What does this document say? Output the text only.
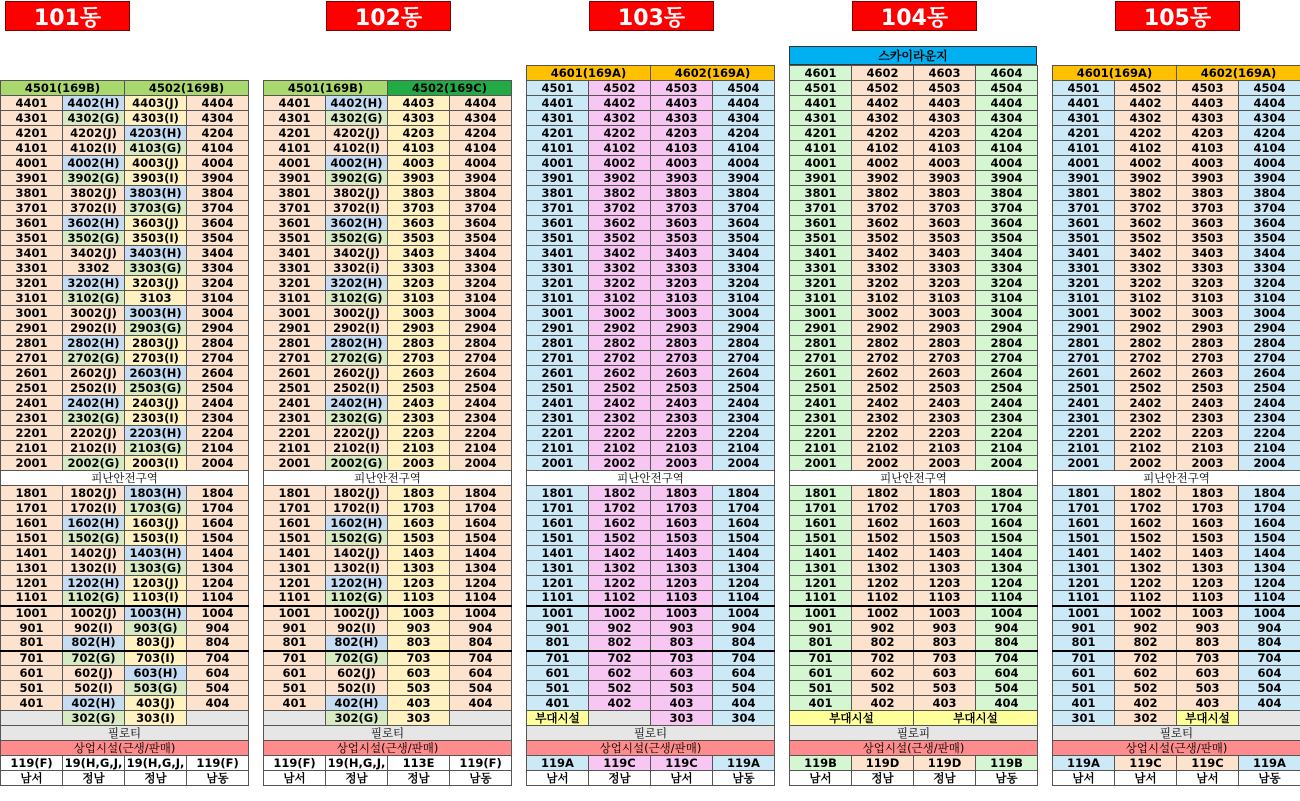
101동
4501(169B)		4502(169B)	
4401	4402(H)	4403(J)	4404
4301	4302(G)	4303(I)	4304
4201	4202(J)	4203(H)	4204
4101	4102(I)	4103(G)	4104
4001	4002(H)	4003(J)	4004
3901	3902(G)	3903(I)	3904
3801	3802(J)	3803(H)	3804
3701	3702(I)	3703(G)	3704
3601	3602(H)	3603(J)	3604
3501	3502(G)	3503(I)	3504
3401	3402(J)	3403(H)	3404
3301	3302	3303(G)	3304
3201	3202(H)	3203(J)	3204
3101	3102(G)	3103	3104
3001	3002(J)	3003(H)	3004
2901	2902(I)	2903(G)	2904
2801	2802(H)	2803(J)	2804
2701	2702(G)	2703(I)	2704
2601	2602(J)	2603(H)	2604
2501	2502(I)	2503(G)	2504
2401	2402(H)	2403(J)	2404
2301	2302(G)	2303(I)	2304
2201	2202(J)	2203(H)	2204
2101	2102(I)	2103(G)	2104
2001	2002(G)	2003(I)	2004
피난안전구역			
1801	1802(J)	1803(H)	1804
1701	1702(I)	1703(G)	1704
1601	1602(H)	1603(J)	1604
1501	1502(G)	1503(I)	1504
1401	1402(J)	1403(H)	1404
1301	1302(I)	1303(G)	1304
1201	1202(H)	1203(J)	1204
1101	1102(G)	1103(I)	1104
1001	1002(J)	1003(H)	1004
901	902(I)	903(G)	904
801	802(H)	803(J)	804
701	702(G)	703(I)	704
601	602(J)	603(H)	604
501	502(I)	503(G)	504
401	402(H)	403(J)	404
	302(G)	303(I)	
필로티			
상업시설(근생/판매)			
119(F)	19(H,G,J,	19(H,G,J,	119(F)
남서	정남	정남	남동
102동
4501(169B)		4502(169C)	
4401	4402(H)	4403	4404
4301	4302(G)	4303	4304
4201	4202(J)	4203	4204
4101	4102(I)	4103	4104
4001	4002(H)	4003	4004
3901	3902(G)	3903	3904
3801	3802(J)	3803	3804
3701	3702(I)	3703	3704
3601	3602(H)	3603	3604
3501	3502(G)	3503	3504
3401	3402(J)	3403	3404
3301	3302(i)	3303	3304
3201	3202(H)	3203	3204
3101	3102(G)	3103	3104
3001	3002(J)	3003	3004
2901	2902(I)	2903	2904
2801	2802(H)	2803	2804
2701	2702(G)	2703	2704
2601	2602(J)	2603	2604
2501	2502(I)	2503	2504
2401	2402(H)	2403	2404
2301	2302(G)	2303	2304
2201	2202(J)	2203	2204
2101	2102(I)	2103	2104
2001	2002(G)	2003	2004
피난안전구역			
1801	1802(J)	1803	1804
1701	1702(I)	1703	1704
1601	1602(H)	1603	1604
1501	1502(G)	1503	1504
1401	1402(J)	1403	1404
1301	1302(I)	1303	1304
1201	1202(H)	1203	1204
1101	1102(G)	1103	1104
1001	1002(J)	1003	1004
901	902(I)	903	904
801	802(H)	803	804
701	702(G)	703	704
601	602(J)	603	604
501	502(I)	503	504
401	402(H)	403	404
	302(G)	303	
필로티			
상업시설(근생/판매)			
119(F)	19(H,G,J,	113E	119(F)
남서	정남	정남	남동
103동
4601(169A)		4602(169A)	
4501	4502	4503	4504
4401	4402	4403	4404
4301	4302	4303	4304
4201	4202	4203	4204
4101	4102	4103	4104
4001	4002	4003	4004
3901	3902	3903	3904
3801	3802	3803	3804
3701	3702	3703	3704
3601	3602	3603	3604
3501	3502	3503	3504
3401	3402	3403	3404
3301	3302	3303	3304
3201	3202	3203	3204
3101	3102	3103	3104
3001	3002	3003	3004
2901	2902	2903	2904
2801	2802	2803	2804
2701	2702	2703	2704
2601	2602	2603	2604
2501	2502	2503	2504
2401	2402	2403	2404
2301	2302	2303	2304
2201	2202	2203	2204
2101	2102	2103	2104
2001	2002	2003	2004
피난안전구역			
1801	1802	1803	1804
1701	1702	1703	1704
1601	1602	1603	1604
1501	1502	1503	1504
1401	1402	1403	1404
1301	1302	1303	1304
1201	1202	1203	1204
1101	1102	1103	1104
1001	1002	1003	1004
901	902	903	904
801	802	803	804
701	702	703	704
601	602	603	604
501	502	503	504
401	402	403	404
부대시설		303	304
필로티			
상업시설(근생/판매)			
119A	119C	119C	119A
남서	정남	남서	남동
104동
스카이라운지
4601	4602	4603	4604
4501	4502	4503	4504
4401	4402	4403	4404
4301	4302	4303	4304
4201	4202	4203	4204
4101	4102	4103	4104
4001	4002	4003	4004
3901	3902	3903	3904
3801	3802	3803	3804
3701	3702	3703	3704
3601	3602	3603	3604
3501	3502	3503	3504
3401	3402	3403	3404
3301	3302	3303	3304
3201	3202	3203	3204
3101	3102	3103	3104
3001	3002	3003	3004
2901	2902	2903	2904
2801	2802	2803	2804
2701	2702	2703	2704
2601	2602	2603	2604
2501	2502	2503	2504
2401	2402	2403	2404
2301	2302	2303	2304
2201	2202	2203	2204
2101	2102	2103	2104
2001	2002	2003	2004
피난안전구역			
1801	1802	1803	1804
1701	1702	1703	1704
1601	1602	1603	1604
1501	1502	1503	1504
1401	1402	1403	1404
1301	1302	1303	1304
1201	1202	1203	1204
1101	1102	1103	1104
1001	1002	1003	1004
901	902	903	904
801	802	803	804
701	702	703	704
601	602	603	604
501	502	503	504
401	402	403	404
부대시설		부대시설	
필로피			
상업시설(근생/판매)			
119B	119D	119D	119B
남서	정남	정남	남동
105동
4601(169A)		4602(169A)	
4501	4502	4503	4504
4401	4402	4403	4404
4301	4302	4303	4304
4201	4202	4203	4204
4101	4102	4103	4104
4001	4002	4003	4004
3901	3902	3903	3904
3801	3802	3803	3804
3701	3702	3703	3704
3601	3602	3603	3604
3501	3502	3503	3504
3401	3402	3403	3404
3301	3302	3303	3304
3201	3202	3203	3204
3101	3102	3103	3104
3001	3002	3003	3004
2901	2902	2903	2904
2801	2802	2803	2804
2701	2702	2703	2704
2601	2602	2603	2604
2501	2502	2503	2504
2401	2402	2403	2404
2301	2302	2303	2304
2201	2202	2203	2204
2101	2102	2103	2104
2001	2002	2003	2004
피난안전구역			
1801	1802	1803	1804
1701	1702	1703	1704
1601	1602	1603	1604
1501	1502	1503	1504
1401	1402	1403	1404
1301	1302	1303	1304
1201	1202	1203	1204
1101	1102	1103	1104
1001	1002	1003	1004
901	902	903	904
801	802	803	804
701	702	703	704
601	602	603	604
501	502	503	504
401	402	403	404
301	302	부대시설	
필로티			
상업시설(근생/판매)			
119A	119C	119C	119A
남서	남서	남서	남동
